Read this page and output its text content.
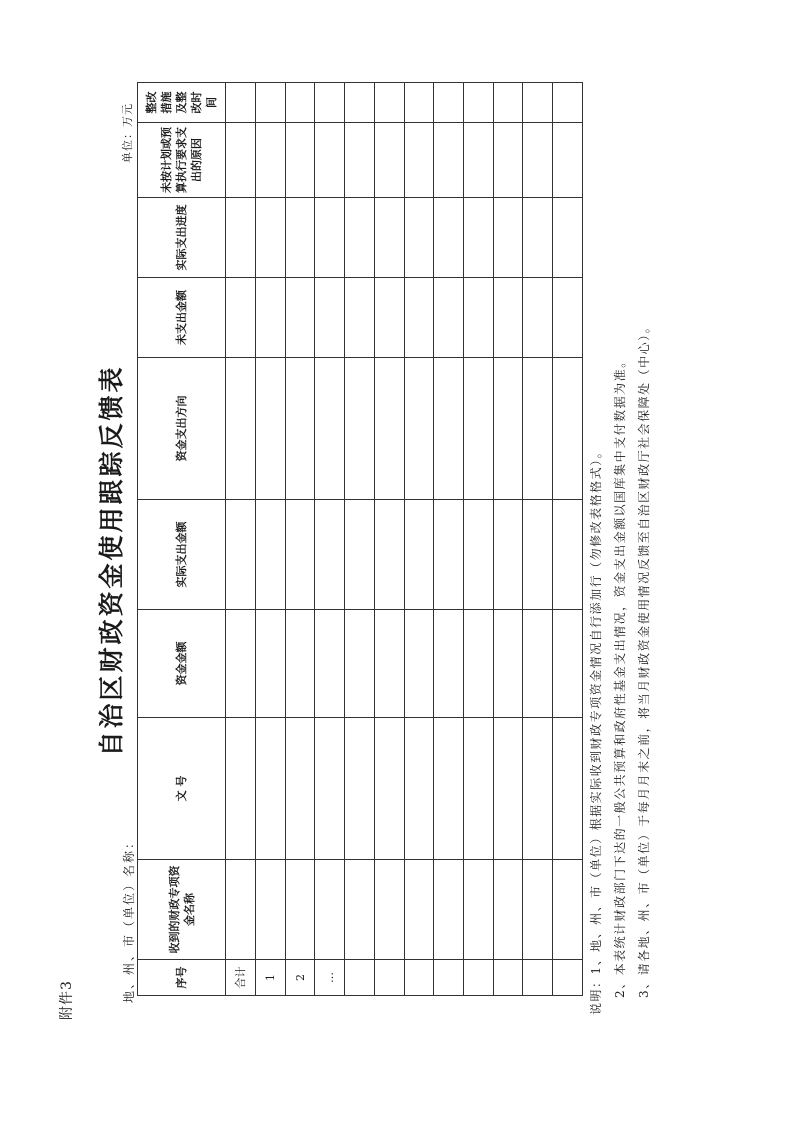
附件3
自治区财政资金使用跟踪反馈表
地、州、市（单位）名称：
单位：万元
序号	收到的财政专项资金名称	文 号	资金金额	实际支出金额	资金支出方向	未支出金额	实际支出进度	未按计划或预算执行要求支出的原因	整改措施及整改时间
合计									
1									
2									
…									

										说明：1、地、州、市（单位）根据实际收到财政专项资金情况自行添加行（勿修改表格格式）。 2、本表统计财政部门下达的一般公共预算和政府性基金支出情况，资金支出金额以国库集中支付数据为准。 3、请各地、州、市（单位）于每月月末之前，将当月财政资金使用情况反馈至自治区财政厅社会保障处（中心）。
